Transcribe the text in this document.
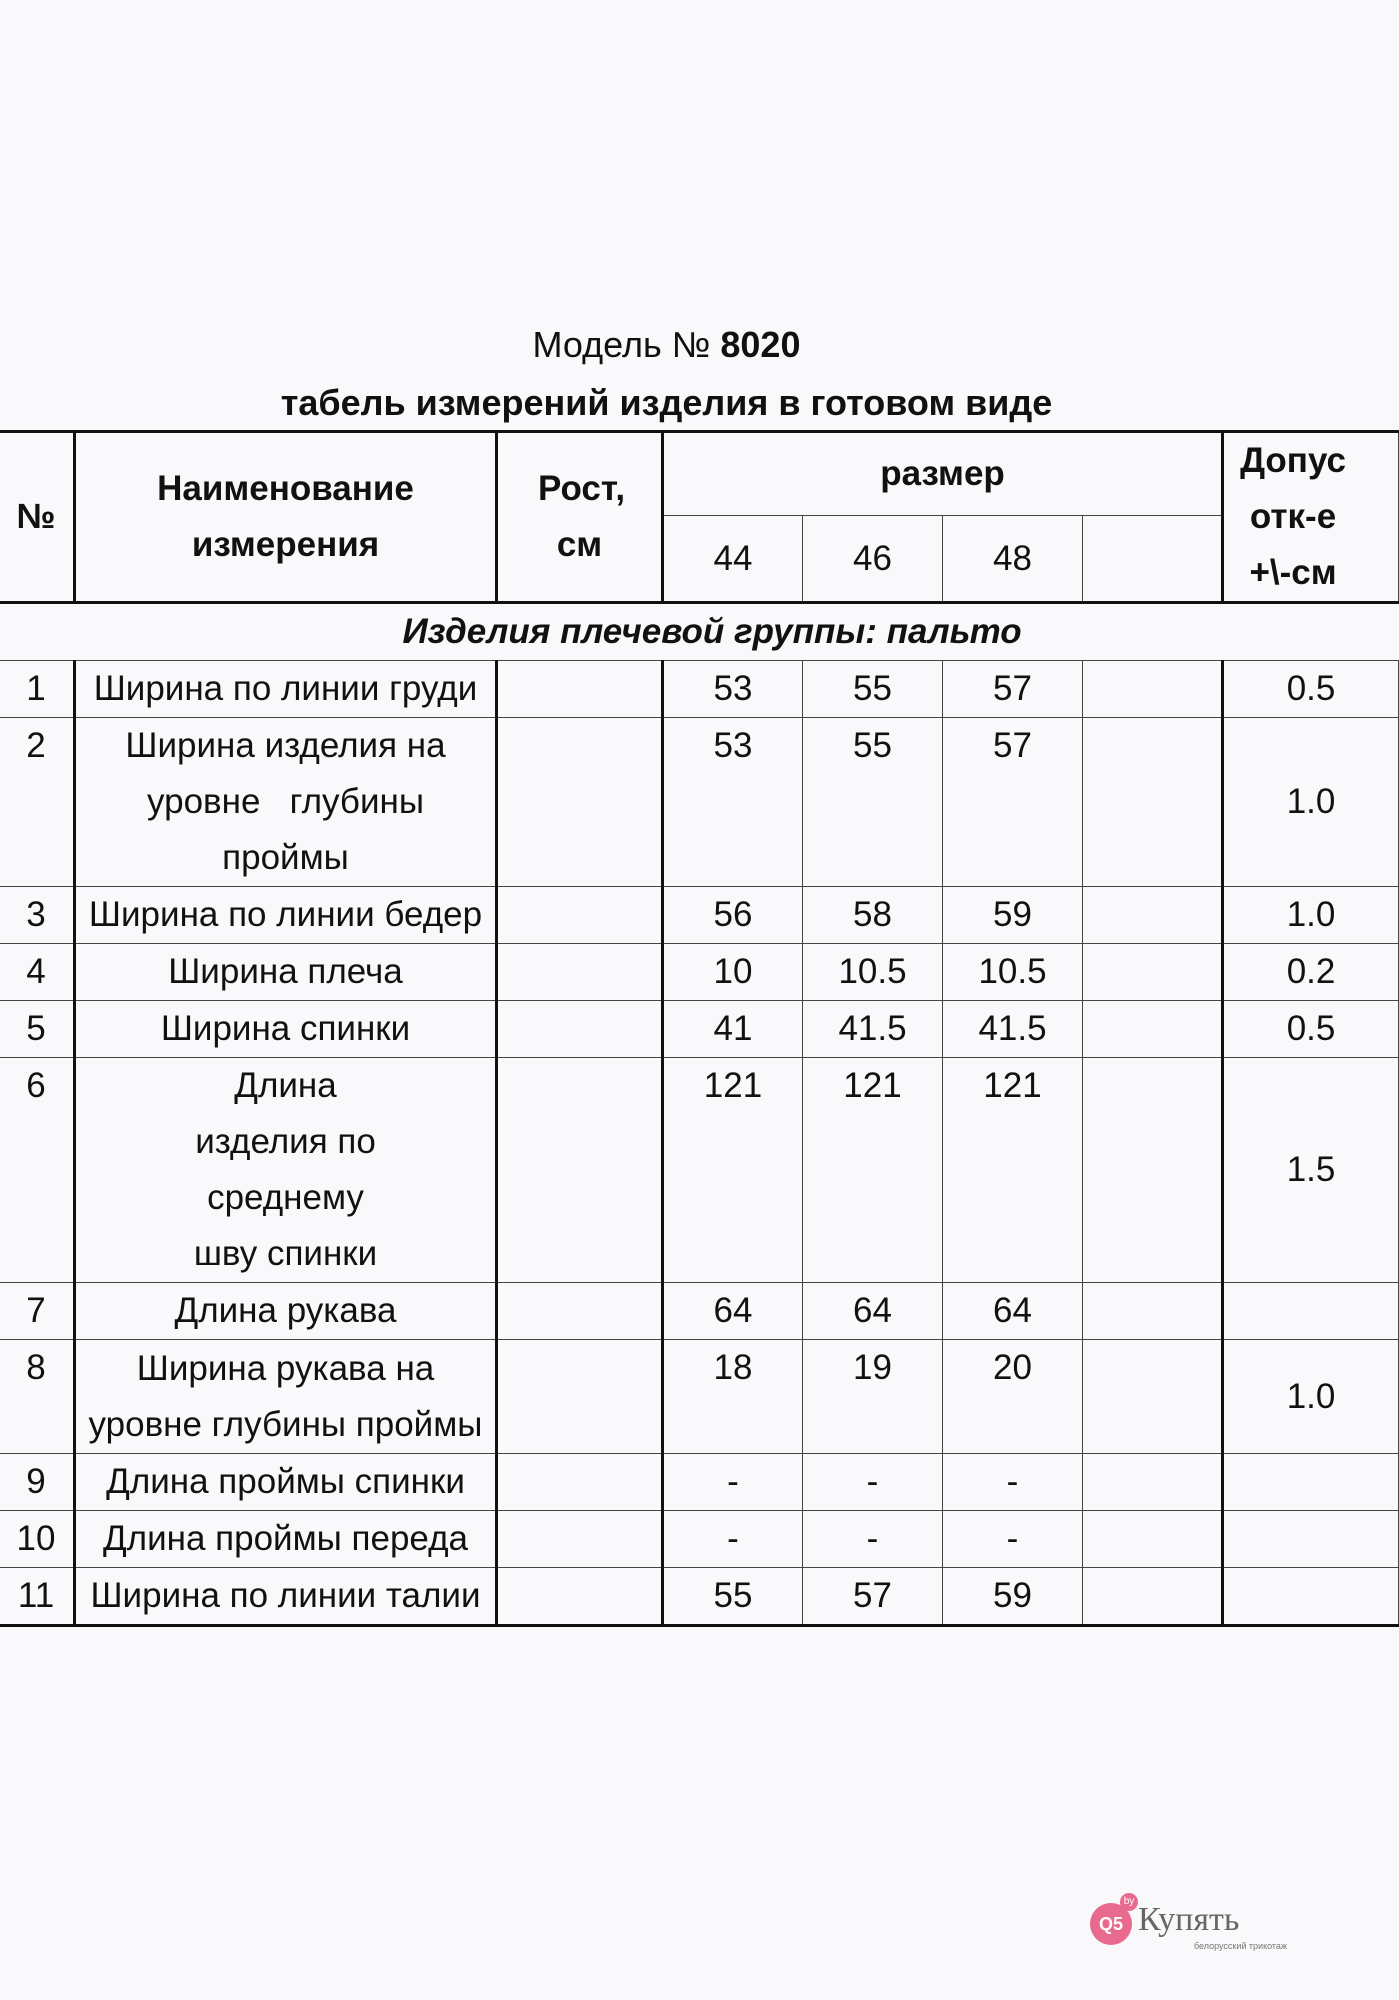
Модель № 8020
табель измерений изделия в готовом виде
№	Наименование измерения	Рост, см	размер				Допус отк-е +\-см

			44	46	48		
Изделия плечевой группы: пальто							
1	Ширина по линии груди		53	55	57		0.5
2	Ширина изделия на уровне   глубины проймы		53	55	57		1.0
3	Ширина по линии бедер		56	58	59		1.0
4	Ширина плеча		10	10.5	10.5		0.2
5	Ширина спинки		41	41.5	41.5		0.5
6	Длина изделия по среднему шву спинки		121	121	121		1.5
7	Длина рукава		64	64	64		
8	Ширина рукава на уровне глубины проймы		18	19	20		1.0
9	Длина проймы спинки		-	-	-		
10	Длина проймы переда		-	-	-		
11	Ширина по линии талии		55	57	59		
Q5
by Купять
белорусский трикотаж
